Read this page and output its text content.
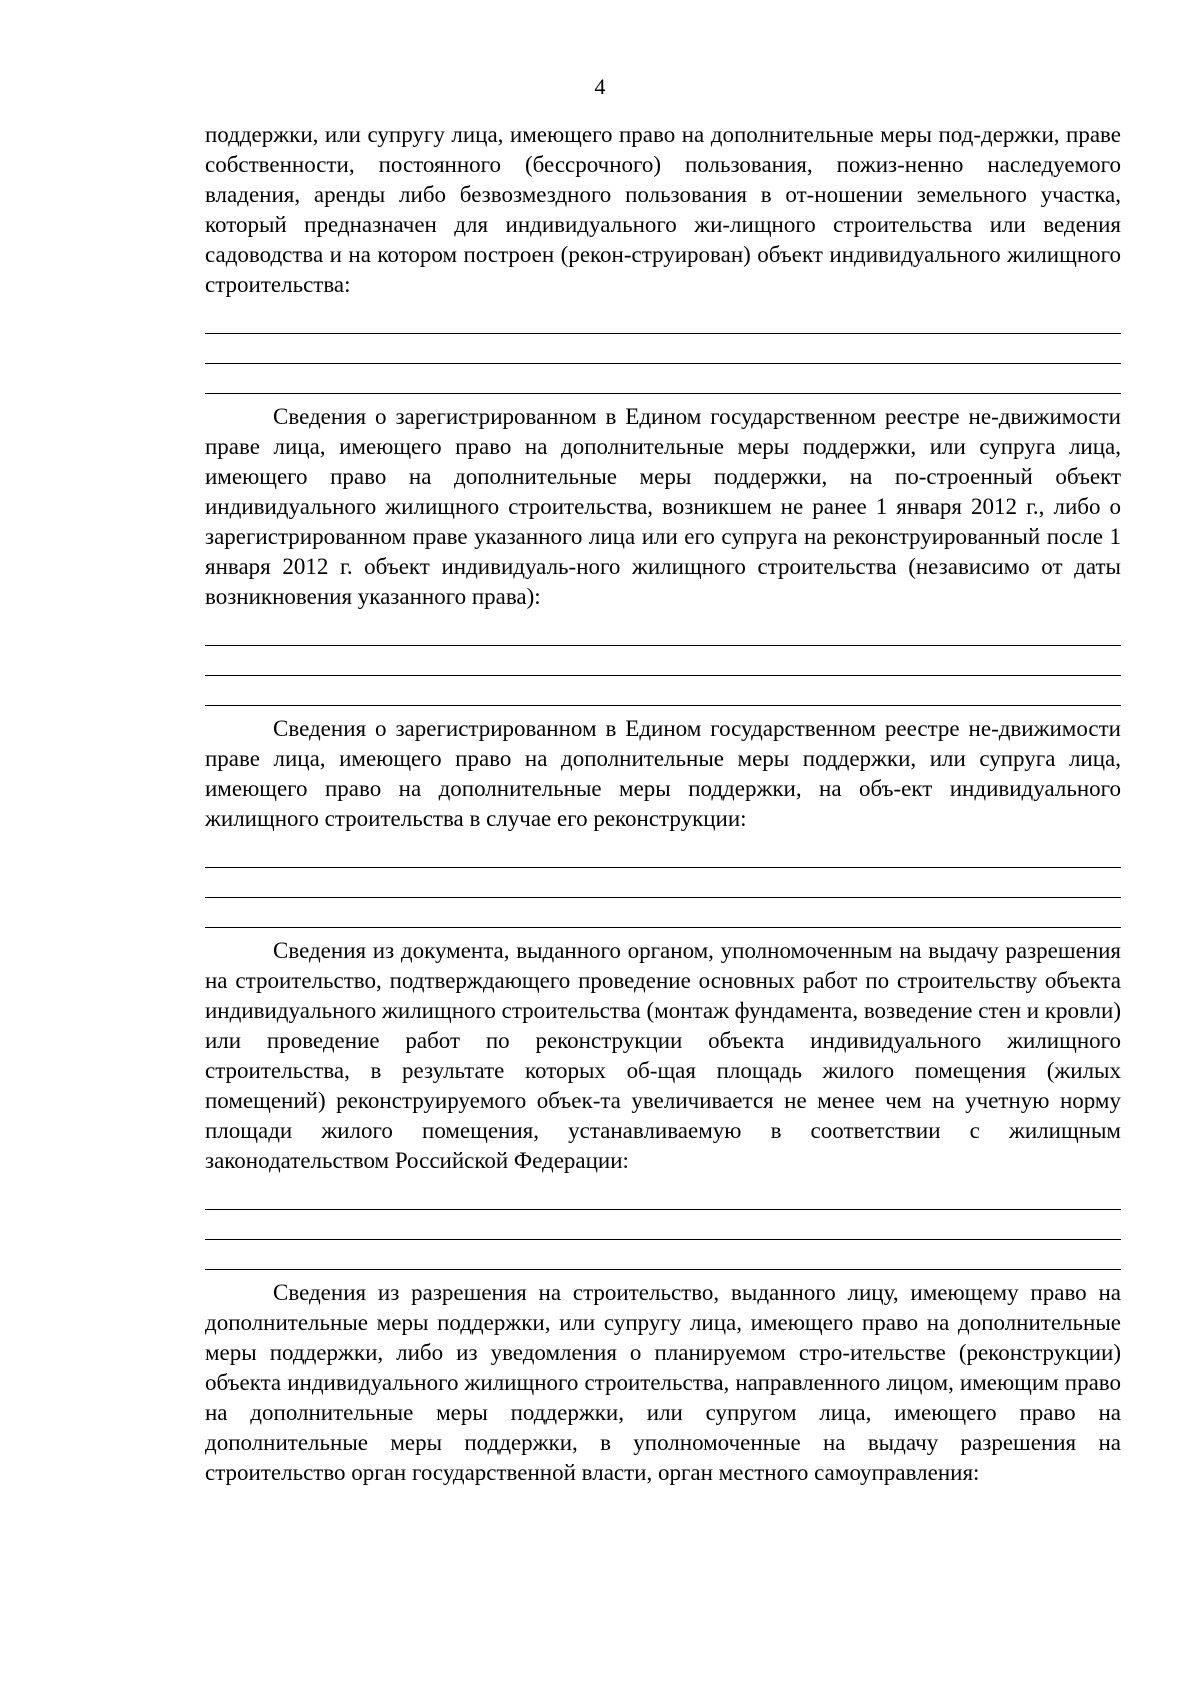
4

поддержки, или супругу лица, имеющего право на дополнительные меры под-держки, праве собственности, постоянного (бессрочного) пользования, пожиз-ненно наследуемого владения, аренды либо безвозмездного пользования в от-ношении земельного участка, который предназначен для индивидуального жи-лищного строительства или ведения садоводства и на котором построен (рекон-струирован) объект индивидуального жилищного строительства:

Сведения о зарегистрированном в Едином государственном реестре не-движимости праве лица, имеющего право на дополнительные меры поддержки, или супруга лица, имеющего право на дополнительные меры поддержки, на по-строенный объект индивидуального жилищного строительства, возникшем не ранее 1 января 2012 г., либо о зарегистрированном праве указанного лица или его супруга на реконструированный после 1 января 2012 г. объект индивидуаль-ного жилищного строительства (независимо от даты возникновения указанного права):

Сведения о зарегистрированном в Едином государственном реестре не-движимости праве лица, имеющего право на дополнительные меры поддержки, или супруга лица, имеющего право на дополнительные меры поддержки, на объ-ект индивидуального жилищного строительства в случае его реконструкции:

Сведения из документа, выданного органом, уполномоченным на выдачу разрешения на строительство, подтверждающего проведение основных работ по строительству объекта индивидуального жилищного строительства (монтаж фундамента, возведение стен и кровли) или проведение работ по реконструкции объекта индивидуального жилищного строительства, в результате которых об-щая площадь жилого помещения (жилых помещений) реконструируемого объек-та увеличивается не менее чем на учетную норму площади жилого помещения, устанавливаемую в соответствии с жилищным законодательством Российской Федерации:

Сведения из разрешения на строительство, выданного лицу, имеющему право на дополнительные меры поддержки, или супругу лица, имеющего право на дополнительные меры поддержки, либо из уведомления о планируемом стро-ительстве (реконструкции) объекта индивидуального жилищного строительства, направленного лицом, имеющим право на дополнительные меры поддержки, или супругом лица, имеющего право на дополнительные меры поддержки, в уполномоченные на выдачу разрешения на строительство орган государственной власти, орган местного самоуправления:
